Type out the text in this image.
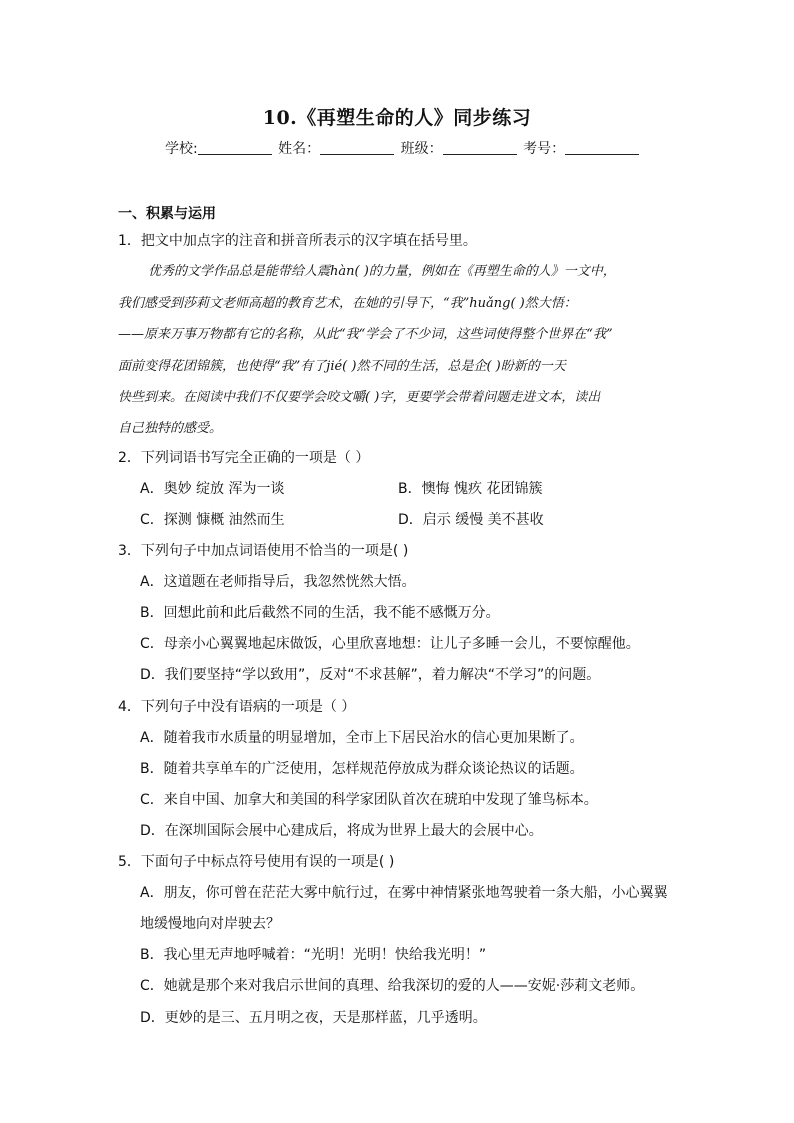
10.《再塑生命的人》同步练习
学校:	姓名：	班级：	考号：
一、积累与运用
1．把文中加点字的注音和拼音所表示的汉字填在括号里。
优秀的文学作品总是能带给人震hàn( )的力量，例如在《再塑生命的人》一文中，
我们感受到莎莉文老师高超的教育艺术，在她的引导下，“我”huǎng( )然大悟：
——原来万事万物都有它的名称，从此“我“学会了不少词，这些词使得整个世界在“我”
面前变得花团锦簇，也使得“我”有了jié( )然不同的生活，总是企( )盼新的一天
快些到来。在阅读中我们不仅要学会咬文嚼( )字，更要学会带着问题走进文本，读出
自己独特的感受。
2．下列词语书写完全正确的一项是（ ）
A．奥妙 绽放 浑为一谈	B．懊悔 愧疚 花团锦簇
C．探测 慷概 油然而生	D．启示 缓慢 美不甚收
3．下列句子中加点词语使用不恰当的一项是( )
A．这道题在老师指导后，我忽然恍然大悟。
B．回想此前和此后截然不同的生活，我不能不感慨万分。
C．母亲小心翼翼地起床做饭，心里欣喜地想：让儿子多睡一会儿，不要惊醒他。
D．我们要坚持“学以致用”，反对“不求甚解”，着力解决“不学习”的问题。
4．下列句子中没有语病的一项是（ ）
A．随着我市水质量的明显增加，全市上下居民治水的信心更加果断了。
B．随着共享单车的广泛使用，怎样规范停放成为群众谈论热议的话题。
C．来自中国、加拿大和美国的科学家团队首次在琥珀中发现了雏鸟标本。
D．在深圳国际会展中心建成后，将成为世界上最大的会展中心。
5．下面句子中标点符号使用有误的一项是( )
A．朋友，你可曾在茫茫大雾中航行过，在雾中神情紧张地驾驶着一条大船，小心翼翼
地缓慢地向对岸驶去？
B．我心里无声地呼喊着：“光明！光明！快给我光明！”
C．她就是那个来对我启示世间的真理、给我深切的爱的人——安妮·莎莉文老师。
D．更妙的是三、五月明之夜，天是那样蓝，几乎透明。
